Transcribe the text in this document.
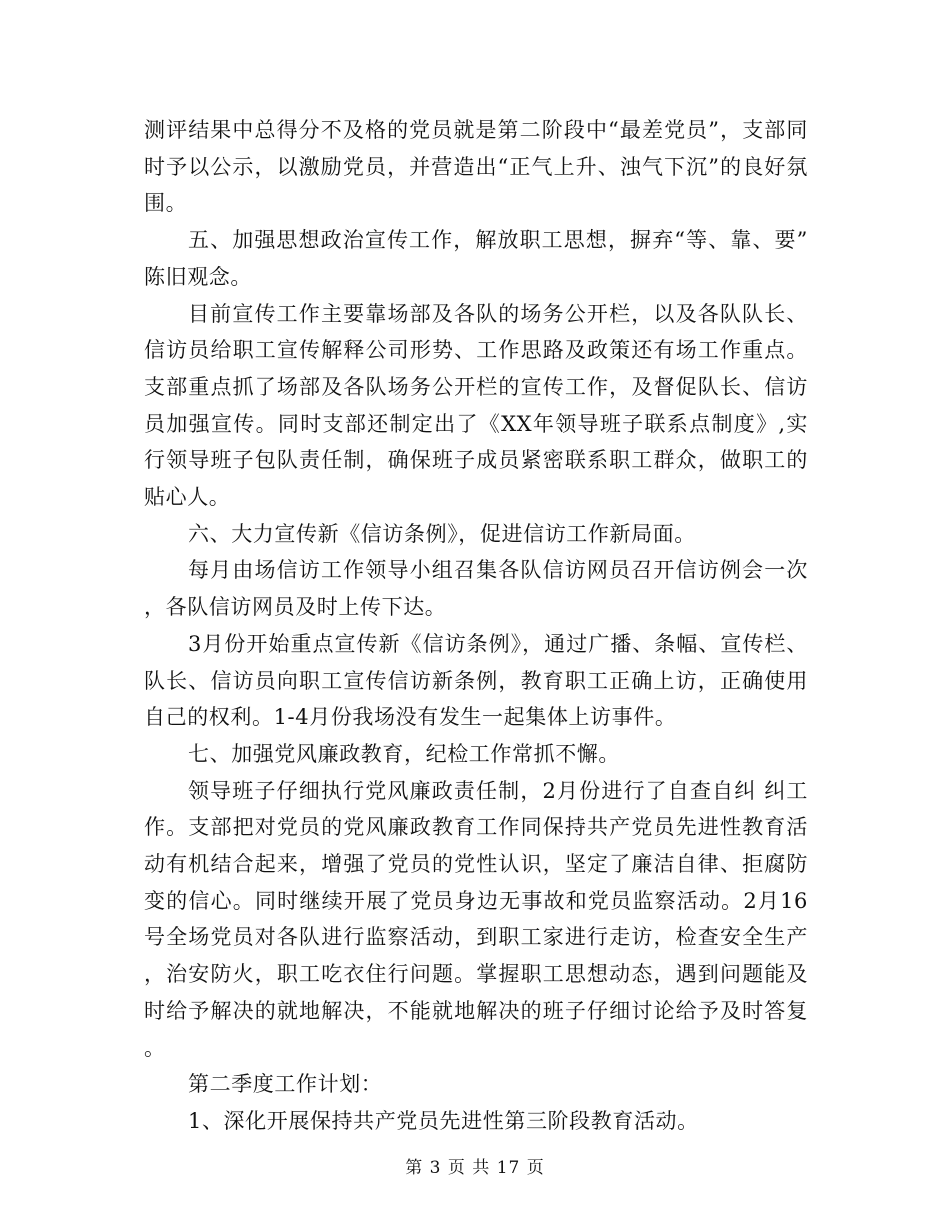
测评结果中总得分不及格的党员就是第二阶段中“最差党员”，支部同时予以公示，以激励党员，并营造出“正气上升、浊气下沉”的良好氛围。

五、加强思想政治宣传工作，解放职工思想，摒弃“等、靠、要”陈旧观念。

目前宣传工作主要靠场部及各队的场务公开栏，以及各队队长、信访员给职工宣传解释公司形势、工作思路及政策还有场工作重点。支部重点抓了场部及各队场务公开栏的宣传工作，及督促队长、信访员加强宣传。同时支部还制定出了《XX年领导班子联系点制度》,实行领导班子包队责任制，确保班子成员紧密联系职工群众，做职工的贴心人。

六、大力宣传新《信访条例》，促进信访工作新局面。

每月由场信访工作领导小组召集各队信访网员召开信访例会一次，各队信访网员及时上传下达。

3月份开始重点宣传新《信访条例》，通过广播、条幅、宣传栏、队长、信访员向职工宣传信访新条例，教育职工正确上访，正确使用自己的权利。1-4月份我场没有发生一起集体上访事件。

七、加强党风廉政教育，纪检工作常抓不懈。

领导班子仔细执行党风廉政责任制，2月份进行了自查自纠 纠工作。支部把对党员的党风廉政教育工作同保持共产党员先进性教育活动有机结合起来，增强了党员的党性认识，坚定了廉洁自律、拒腐防变的信心。同时继续开展了党员身边无事故和党员监察活动。2月16号全场党员对各队进行监察活动，到职工家进行走访，检查安全生产，治安防火，职工吃衣住行问题。掌握职工思想动态，遇到问题能及时给予解决的就地解决，不能就地解决的班子仔细讨论给予及时答复。

第二季度工作计划：

1、深化开展保持共产党员先进性第三阶段教育活动。

第 3 页 共 17 页
